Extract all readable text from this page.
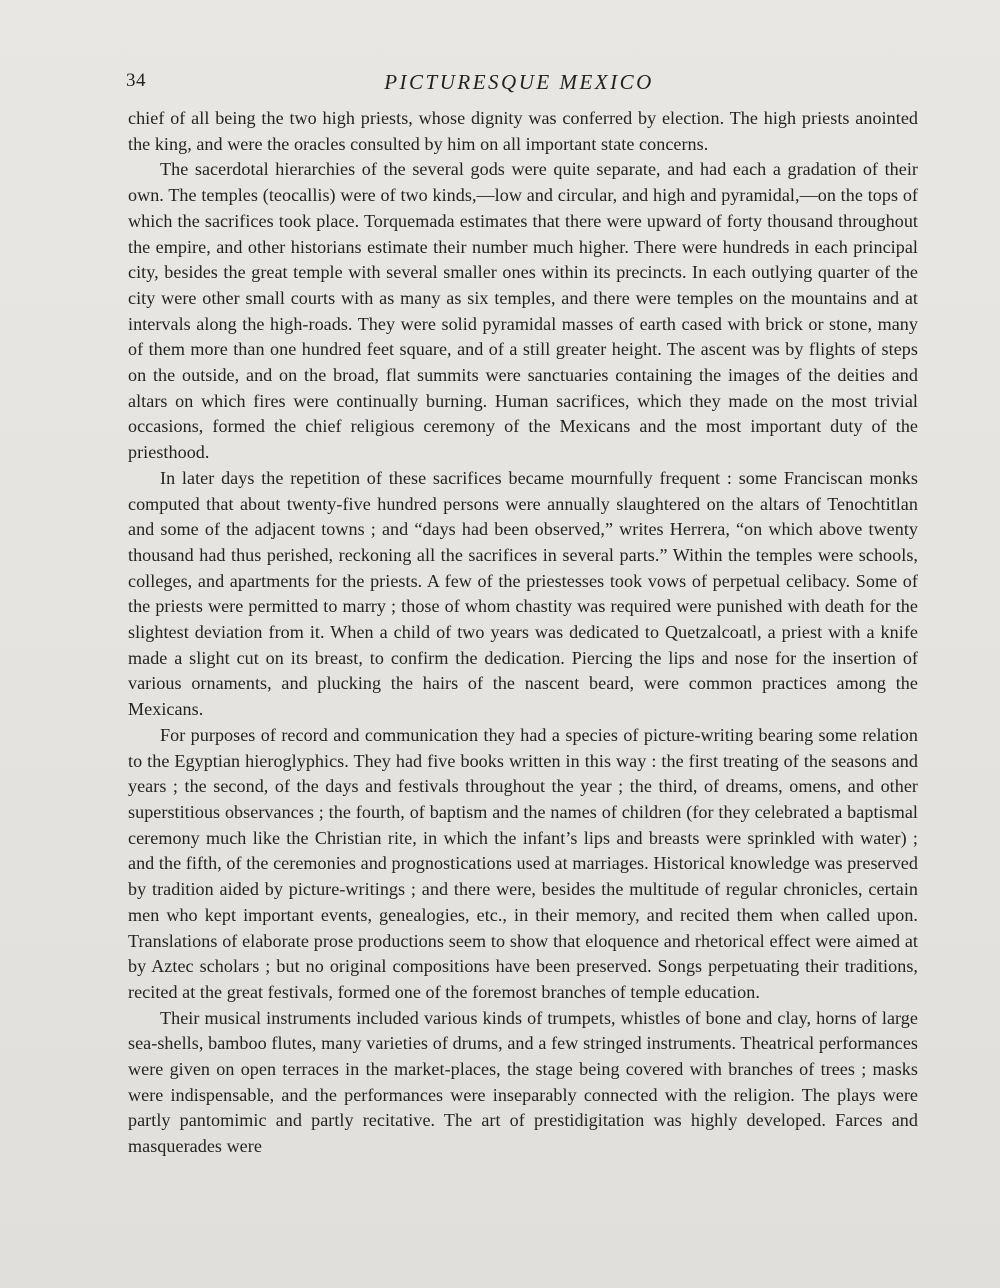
34	PICTURESQUE MEXICO

chief of all being the two high priests, whose dignity was conferred by election. The high priests anointed the king, and were the oracles consulted by him on all important state concerns.

The sacerdotal hierarchies of the several gods were quite separate, and had each a gradation of their own. The temples (teocallis) were of two kinds,—low and circular, and high and pyramidal,—on the tops of which the sacrifices took place. Torquemada estimates that there were upward of forty thousand throughout the empire, and other historians estimate their number much higher. There were hundreds in each principal city, besides the great temple with several smaller ones within its precincts. In each outlying quarter of the city were other small courts with as many as six temples, and there were temples on the mountains and at intervals along the high-roads. They were solid pyramidal masses of earth cased with brick or stone, many of them more than one hundred feet square, and of a still greater height. The ascent was by flights of steps on the outside, and on the broad, flat summits were sanctuaries containing the images of the deities and altars on which fires were continually burning. Human sacrifices, which they made on the most trivial occasions, formed the chief religious ceremony of the Mexicans and the most important duty of the priesthood.

In later days the repetition of these sacrifices became mournfully frequent : some Franciscan monks computed that about twenty-five hundred persons were annually slaughtered on the altars of Tenochtitlan and some of the adjacent towns ; and “days had been observed,” writes Herrera, “on which above twenty thousand had thus perished, reckoning all the sacrifices in several parts.” Within the temples were schools, colleges, and apartments for the priests. A few of the priestesses took vows of perpetual celibacy. Some of the priests were permitted to marry ; those of whom chastity was required were punished with death for the slightest deviation from it. When a child of two years was dedicated to Quetzalcoatl, a priest with a knife made a slight cut on its breast, to confirm the dedication. Piercing the lips and nose for the insertion of various ornaments, and plucking the hairs of the nascent beard, were common practices among the Mexicans.

For purposes of record and communication they had a species of picture-writing bearing some relation to the Egyptian hieroglyphics. They had five books written in this way : the first treating of the seasons and years ; the second, of the days and festivals throughout the year ; the third, of dreams, omens, and other superstitious observances ; the fourth, of baptism and the names of children (for they celebrated a baptismal ceremony much like the Christian rite, in which the infant’s lips and breasts were sprinkled with water) ; and the fifth, of the ceremonies and prognostications used at marriages. Historical knowledge was preserved by tradition aided by picture-writings ; and there were, besides the multitude of regular chronicles, certain men who kept important events, genealogies, etc., in their memory, and recited them when called upon. Translations of elaborate prose productions seem to show that eloquence and rhetorical effect were aimed at by Aztec scholars ; but no original compositions have been preserved. Songs perpetuating their traditions, recited at the great festivals, formed one of the foremost branches of temple education.

Their musical instruments included various kinds of trumpets, whistles of bone and clay, horns of large sea-shells, bamboo flutes, many varieties of drums, and a few stringed instruments. Theatrical performances were given on open terraces in the market-places, the stage being covered with branches of trees ; masks were indispensable, and the performances were inseparably connected with the religion. The plays were partly pantomimic and partly recitative. The art of prestidigitation was highly developed. Farces and masquerades were
